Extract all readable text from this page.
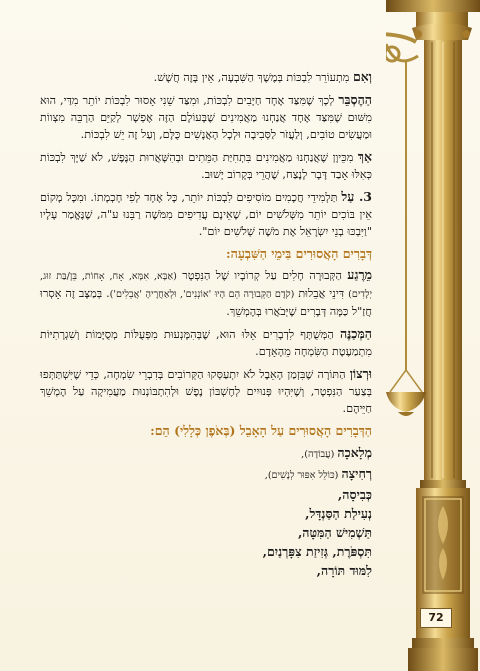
וְאִם מִתְעוֹרֵר לִבְכּוֹת בְּמֶשֶׁךְ הַשִּׁבְעָה, אֵין בָּזֶה חֲשָׁשׁ.

הַהֶסְבֵּר לְכָךְ שֶׁמִּצַּד אֶחָד חַיָּבִים לִבְכּוֹת, וּמִצַּד שֵׁנִי אָסוּר לִבְכּוֹת יוֹתֵר מִדַּי, הוּא מִשּׁוּם שֶׁמִּצַּד אֶחָד אֲנַחְנוּ מַאֲמִינִים שֶׁבָּעוֹלָם הַזֶּה אֶפְשָׁר לְקַיֵּם הַרְבֵּה מִצְווֹת וּמַעֲשִׂים טוֹבִים, וְלַעֲזֹר לַסְּבִיבָה וּלְכָל הָאֲנָשִׁים כֻּלָּם, וְעַל זֶה יֵשׁ לִבְכּוֹת.

אַךְ מִכֵּיוָן שֶׁאֲנַחְנוּ מַאֲמִינִים בִּתְחִיַּת הַמֵּתִים וּבְהִשָּׁאֲרוּת הַנֶּפֶשׁ, לֹא שַׁיָּךְ לִבְכּוֹת כְּאִלּוּ אָבַד דָּבָר לָנֶצַח, שֶׁהֲרֵי בְּקָרוֹב יָשׁוּב.

3. עַל תַּלְמִידֵי חֲכָמִים מוֹסִיפִים לִבְכּוֹת יוֹתֵר, כָּל אֶחָד לְפִי חָכְמָתוֹ. וּמִכָּל מָקוֹם אֵין בּוֹכִים יוֹתֵר מִשְּׁלֹשִׁים יוֹם, שֶׁאֵינָם עֲדִיפִים מִמֹּשֶׁה רַבֵּנוּ ע"ה, שֶׁנֶּאֱמַר עָלָיו "וַיִּבְכּוּ בְנֵי יִשְׂרָאֵל אֶת מֹשֶׁה שְׁלֹשִׁים יוֹם".

דְּבָרִים הָאֲסוּרִים בִּימֵי הַשִּׁבְעָה:

מֵרֶגַע הַקְּבוּרָה חָלִים עַל קְרוֹבָיו שֶׁל הַנִּפְטָר (אַבָּא, אִמָּא, אָח, אָחוֹת, בֵּן/בַּת זוּג, יְלָדִים) דִּינֵי אֲבֵלוּת (קֹדֶם הַקְּבוּרָה הֵם הָיוּ 'אוֹנְנִים', וּלְאַחֲרֶיהָ 'אֲבֵלִים'). בְּמַצָּב זֶה אָסְרוּ חֲזַ"ל כַּמָּה דְּבָרִים שֶׁיְּבֹאֲרוּ בְּהֶמְשֵׁךְ.

הַמְּכַנֶּה הַמְּשֻׁתָּף לִדְבָרִים אֵלּוּ הוּא, שֶׁבְּהִמָּנְעוּת מִפְּעֻלּוֹת מְסֻיָּמוֹת וְשִׁגְרָתִיּוֹת מִתְמַעֶטֶת הַשִּׂמְחָה מֵהָאָדָם.

וּרְצוֹן הַתּוֹרָה שֶׁבִּזְמַן הָאֵבֶל לֹא יִתְעַסְּקוּ הַקְּרוֹבִים בְּדִבְרֵי שִׂמְחָה, כְּדֵי שֶׁיִּשְׁתַּתְּפוּ בְּצַעַר הַנִּפְטָר, וְשֶׁיִּהְיוּ פְּנוּיִים לְחֶשְׁבּוֹן נֶפֶשׁ וּלְהִתְבּוֹנְנוּת מַעֲמִיקָה עַל הֶמְשֵׁךְ חַיֵּיהֶם.

הַדְּבָרִים הָאֲסוּרִים עַל הָאָבֵל (בְּאֹפֶן כְּלָלִי) הֵם:
מְלָאכָה (עֲבוֹדָה),
רְחִיצָה (כּוֹלֵל אִפּוּר לְנָשִׁים),
כְּבִיסָה,
נְעִילַת הַסַּנְדָּל,
תַּשְׁמִישׁ הַמִּטָּה,
תִּסְפֹּרֶת, גְּזִיזַת צִפָּרְנַיִם,
לִמּוּד תּוֹרָה,
72
